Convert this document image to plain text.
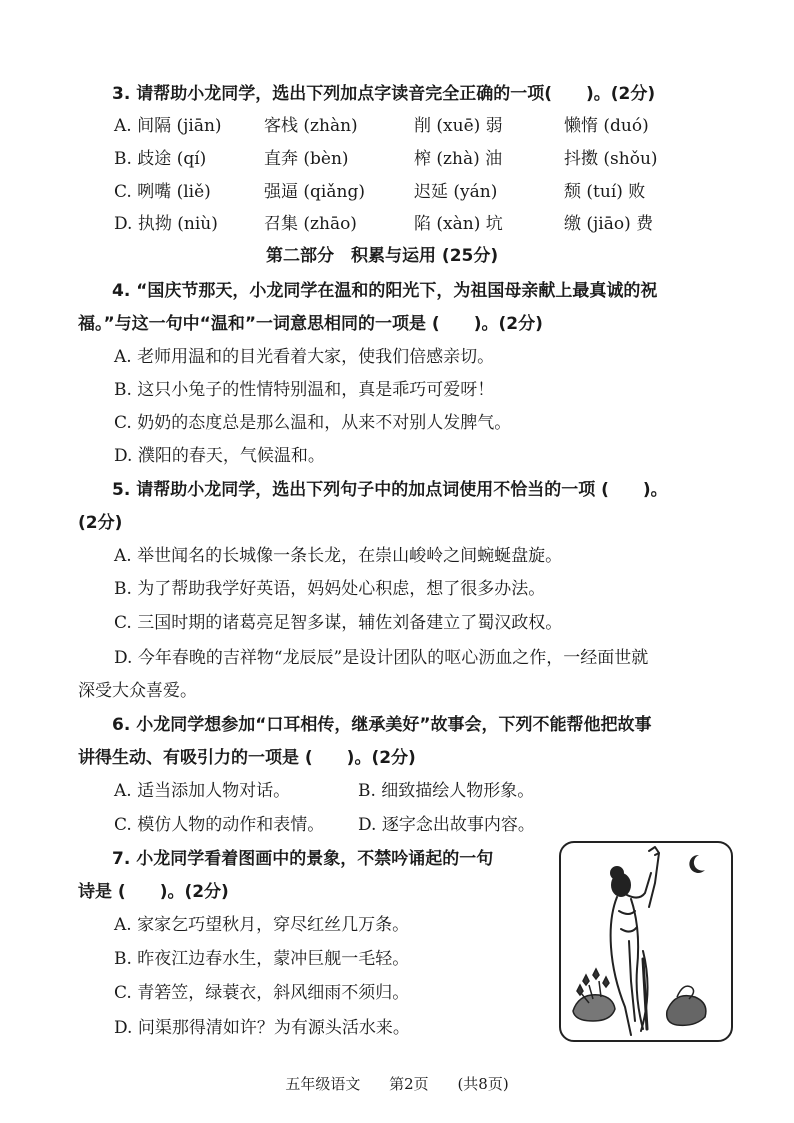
3. 请帮助小龙同学，选出下列加点字读音完全正确的一项(　　)。(2分)
A. 间隔 (jiān) 客栈 (zhàn)	削 (xuē) 弱	懒惰 (duó)
B. 歧途 (qí)	直奔 (bèn)	榨 (zhà) 油	抖擞 (shǒu)
C. 咧嘴 (liě)	强逼 (qiǎng)	迟延 (yán)	颓 (tuí) 败
D. 执拗 (niù)	召集 (zhāo)	陷 (xàn) 坑	缴 (jiāo) 费
第二部分　积累与运用 (25分)
4. “国庆节那天，小龙同学在温和的阳光下，为祖国母亲献上最真诚的祝
福。”与这一句中“温和”一词意思相同的一项是 (　　)。(2分)
A. 老师用温和的目光看着大家，使我们倍感亲切。
B. 这只小兔子的性情特别温和，真是乖巧可爱呀！
C. 奶奶的态度总是那么温和，从来不对别人发脾气。
D. 濮阳的春天，气候温和。
5. 请帮助小龙同学，选出下列句子中的加点词使用不恰当的一项 (　　)。
(2分)
A. 举世闻名的长城像一条长龙，在崇山峻岭之间蜿蜒盘旋。
B. 为了帮助我学好英语，妈妈处心积虑，想了很多办法。
C. 三国时期的诸葛亮足智多谋，辅佐刘备建立了蜀汉政权。
D. 今年春晚的吉祥物“龙辰辰”是设计团队的呕心沥血之作，一经面世就
深受大众喜爱。
6. 小龙同学想参加“口耳相传，继承美好”故事会，下列不能帮他把故事
讲得生动、有吸引力的一项是 (　　)。(2分)
A. 适当添加人物对话。	B. 细致描绘人物形象。
C. 模仿人物的动作和表情。 D. 逐字念出故事内容。
7. 小龙同学看着图画中的景象，不禁吟诵起的一句
诗是 (　　)。(2分)
A. 家家乞巧望秋月，穿尽红丝几万条。
B. 昨夜江边春水生，蒙冲巨舰一毛轻。
C. 青箬笠，绿蓑衣，斜风细雨不须归。
D. 问渠那得清如许？为有源头活水来。
五年级语文 第2页 (共8页)
